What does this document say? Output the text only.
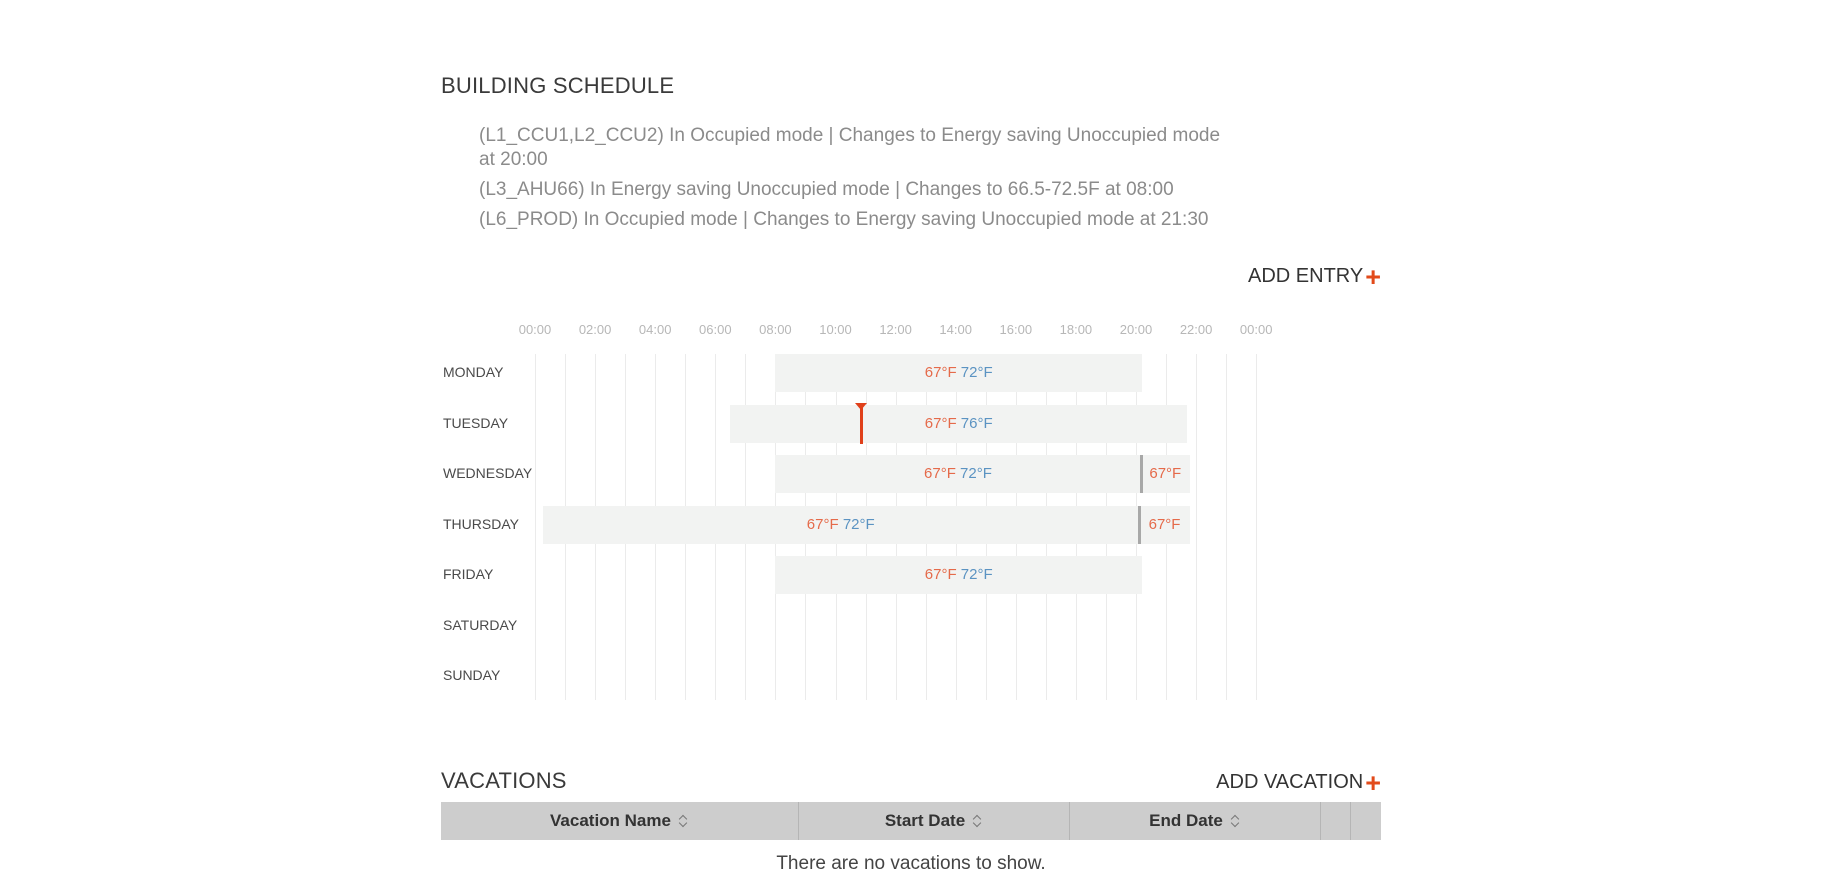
BUILDING SCHEDULE
(L1_CCU1,L2_CCU2) In Occupied mode | Changes to Energy saving Unoccupied mode at 20:00
(L3_AHU66) In Energy saving Unoccupied mode | Changes to 66.5-72.5F at 08:00
(L6_PROD) In Occupied mode | Changes to Energy saving Unoccupied mode at 21:30
ADD ENTRY +
00:00 02:00 04:00 06:00 08:00 10:00 12:00 14:00 16:00 18:00 20:00 22:00 00:00
MONDAY
TUESDAY
WEDNESDAY
THURSDAY
FRIDAY
SATURDAY
SUNDAY
67°F 72°F
67°F 76°F
67°F 72°F	67°F
67°F 72°F	67°F
67°F 72°F
VACATIONS	ADD VACATION +
Vacation Name	Start Date	End Date
There are no vacations to show.
